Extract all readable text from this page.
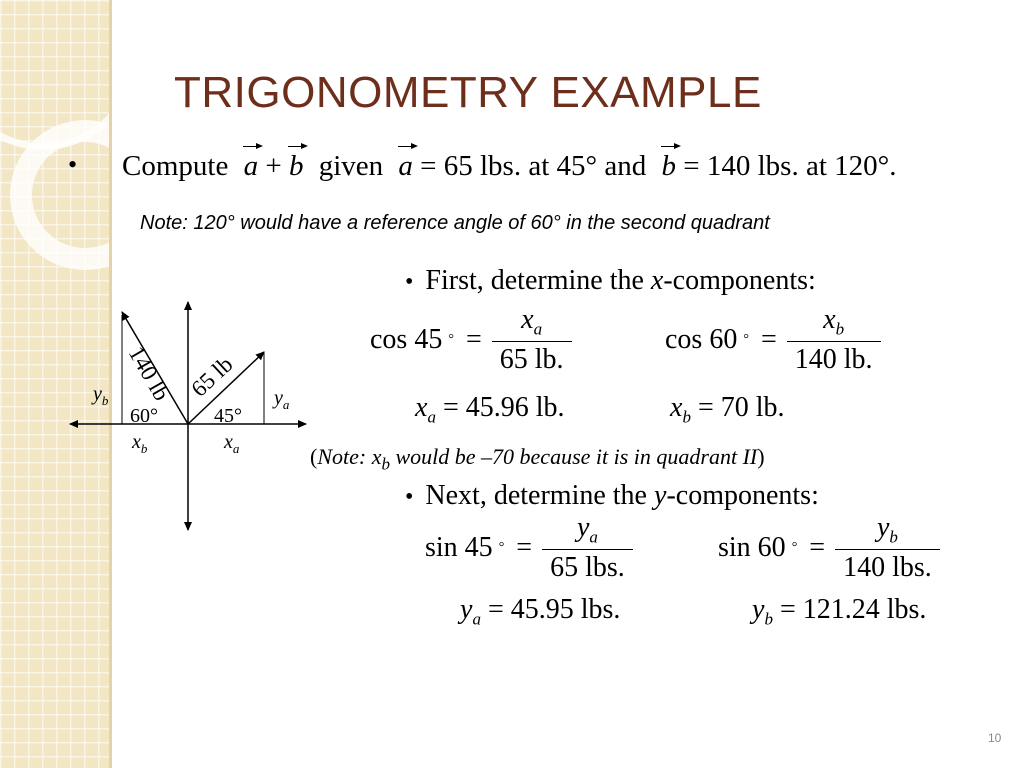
TRIGONOMETRY EXAMPLE
• Compute a + b given a = 65 lbs. at 45° and b = 140 lbs. at 120°.
Note: 120° would have a reference angle of 60° in the second quadrant
• First, determine the x-components:
cos 45 ° = $\frac{x_a}{65 lb.}$	cos 60 ° = $\frac{x_b}{140 lb.}$
$x_a = 45.96$ lb.	$x_b = 70$ lb.
(Note: $x_b$ would be –70 because it is in quadrant II)
• Next, determine the y-components:
sin 45 ° = $\frac{y_a}{\text{65 lbs.}}$	sin 60 ° = $\frac{y_b}{\text{140 lbs.}}$
$y_a = 45.95$ lbs.	$y_b = 121.24$ lbs.
140 lb 65 lb
60°	45°
$y_b$	$y_a$
$x_b$	$x_a$
10
